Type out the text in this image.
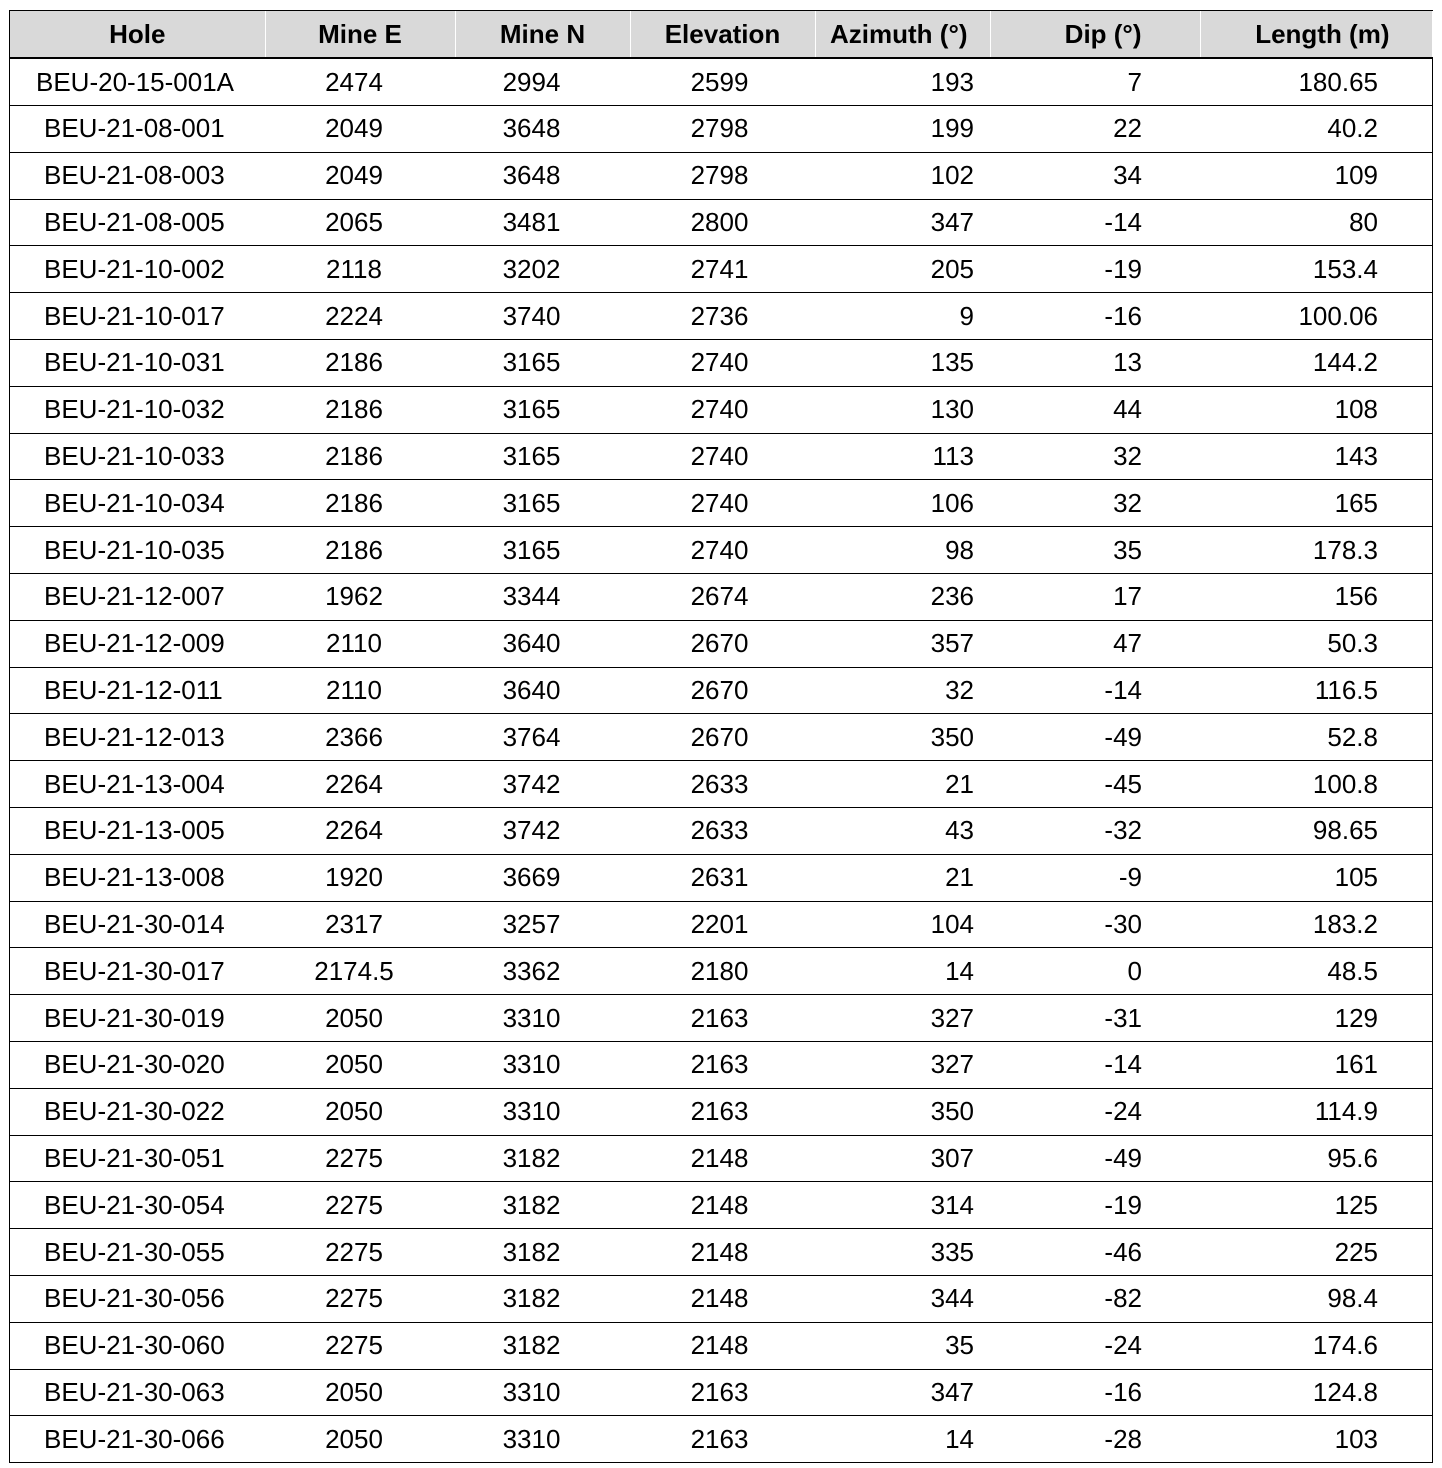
Hole	Mine E	Mine N	Elevation	Azimuth (°)	Dip (°)	Length (m)
BEU-20-15-001A	2474	2994	2599	193	7	180.65
BEU-21-08-001	2049	3648	2798	199	22	40.2
BEU-21-08-003	2049	3648	2798	102	34	109
BEU-21-08-005	2065	3481	2800	347	-14	80
BEU-21-10-002	2118	3202	2741	205	-19	153.4
BEU-21-10-017	2224	3740	2736	9	-16	100.06
BEU-21-10-031	2186	3165	2740	135	13	144.2
BEU-21-10-032	2186	3165	2740	130	44	108
BEU-21-10-033	2186	3165	2740	113	32	143
BEU-21-10-034	2186	3165	2740	106	32	165
BEU-21-10-035	2186	3165	2740	98	35	178.3
BEU-21-12-007	1962	3344	2674	236	17	156
BEU-21-12-009	2110	3640	2670	357	47	50.3
BEU-21-12-011	2110	3640	2670	32	-14	116.5
BEU-21-12-013	2366	3764	2670	350	-49	52.8
BEU-21-13-004	2264	3742	2633	21	-45	100.8
BEU-21-13-005	2264	3742	2633	43	-32	98.65
BEU-21-13-008	1920	3669	2631	21	-9	105
BEU-21-30-014	2317	3257	2201	104	-30	183.2
BEU-21-30-017	2174.5	3362	2180	14	0	48.5
BEU-21-30-019	2050	3310	2163	327	-31	129
BEU-21-30-020	2050	3310	2163	327	-14	161
BEU-21-30-022	2050	3310	2163	350	-24	114.9
BEU-21-30-051	2275	3182	2148	307	-49	95.6
BEU-21-30-054	2275	3182	2148	314	-19	125
BEU-21-30-055	2275	3182	2148	335	-46	225
BEU-21-30-056	2275	3182	2148	344	-82	98.4
BEU-21-30-060	2275	3182	2148	35	-24	174.6
BEU-21-30-063	2050	3310	2163	347	-16	124.8
BEU-21-30-066	2050	3310	2163	14	-28	103
